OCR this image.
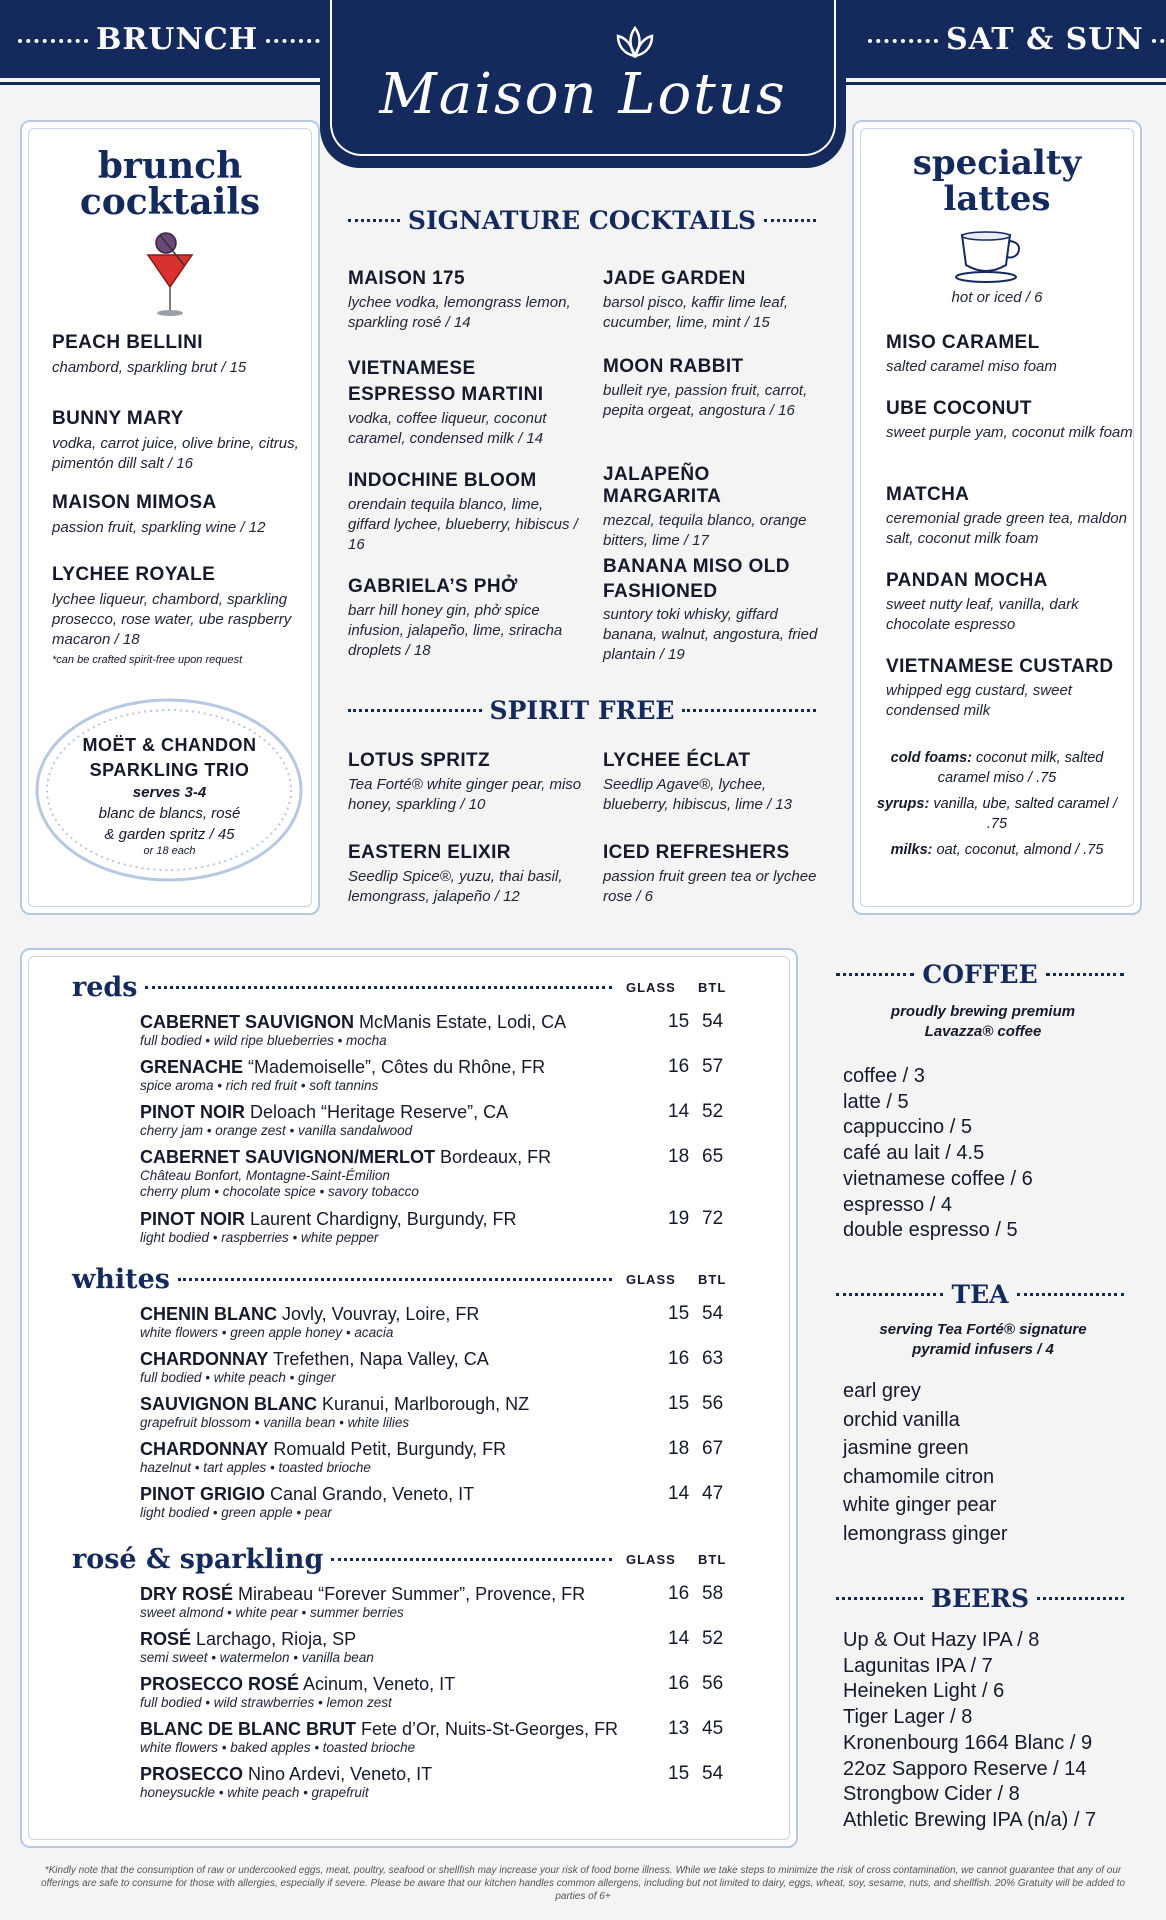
BRUNCH	SAT & SUN
Maison Lotus
brunch
cocktails
PEACH BELLINI
chambord, sparkling brut / 15
BUNNY MARY
vodka, carrot juice, olive brine, citrus, pimentón dill salt / 16
MAISON MIMOSA
passion fruit, sparkling wine / 12
LYCHEE ROYALE
lychee liqueur, chambord, sparkling prosecco, rose water, ube raspberry macaron / 18
*can be crafted spirit-free upon request
MOËT & CHANDON
SPARKLING TRIO
serves 3-4
blanc de blancs, rosé
& garden spritz / 45
or 18 each
SIGNATURE COCKTAILS
MAISON 175
lychee vodka, lemongrass lemon, sparkling rosé / 14
VIETNAMESE ESPRESSO MARTINI
vodka, coffee liqueur, coconut caramel, condensed milk / 14
INDOCHINE BLOOM
orendain tequila blanco, lime, giffard lychee, blueberry, hibiscus / 16
GABRIELA’S PHỞ
barr hill honey gin, phở spice infusion, jalapeño, lime, sriracha droplets / 18
JADE GARDEN
barsol pisco, kaffir lime leaf, cucumber, lime, mint / 15
MOON RABBIT
bulleit rye, passion fruit, carrot, pepita orgeat, angostura / 16
JALAPEÑO MARGARITA
mezcal, tequila blanco, orange bitters, lime / 17
BANANA MISO OLD FASHIONED
suntory toki whisky, giffard banana, walnut, angostura, fried plantain / 19
SPIRIT FREE
LOTUS SPRITZ
Tea Forté® white ginger pear, miso honey, sparkling / 10
EASTERN ELIXIR
Seedlip Spice®, yuzu, thai basil, lemongrass, jalapeño / 12
LYCHEE ÉCLAT
Seedlip Agave®, lychee, blueberry, hibiscus, lime / 13
ICED REFRESHERS
passion fruit green tea or lychee rose / 6
specialty
lattes
hot or iced / 6
MISO CARAMEL
salted caramel miso foam
UBE COCONUT
sweet purple yam, coconut milk foam
MATCHA
ceremonial grade green tea, maldon salt, coconut milk foam
PANDAN MOCHA
sweet nutty leaf, vanilla, dark chocolate espresso
VIETNAMESE CUSTARD
whipped egg custard, sweet condensed milk
cold foams: coconut milk, salted caramel miso / .75
syrups: vanilla, ube, salted caramel / .75
milks: oat, coconut, almond / .75
reds	GLASS BTL
CABERNET SAUVIGNON McManis Estate, Lodi, CA
full bodied • wild ripe blueberries • mocha
15 54
GRENACHE “Mademoiselle”, Côtes du Rhône, FR
spice aroma • rich red fruit • soft tannins
16 57
PINOT NOIR Deloach “Heritage Reserve”, CA
cherry jam • orange zest • vanilla sandalwood
14 52
CABERNET SAUVIGNON/MERLOT Bordeaux, FR
Château Bonfort, Montagne-Saint-Émilion
cherry plum • chocolate spice • savory tobacco
18 65
PINOT NOIR Laurent Chardigny, Burgundy, FR
light bodied • raspberries • white pepper
19 72
whites	GLASS BTL
CHENIN BLANC Jovly, Vouvray, Loire, FR
white flowers • green apple honey • acacia
15 54
CHARDONNAY Trefethen, Napa Valley, CA
full bodied • white peach • ginger
16 63
SAUVIGNON BLANC Kuranui, Marlborough, NZ
grapefruit blossom • vanilla bean • white lilies
15 56
CHARDONNAY Romuald Petit, Burgundy, FR
hazelnut • tart apples • toasted brioche
18 67
PINOT GRIGIO Canal Grando, Veneto, IT
light bodied • green apple • pear
14 47
rosé & sparkling	GLASS BTL
DRY ROSÉ Mirabeau “Forever Summer”, Provence, FR
sweet almond • white pear • summer berries
16 58
ROSÉ Larchago, Rioja, SP
semi sweet • watermelon • vanilla bean
14 52
PROSECCO ROSÉ Acinum, Veneto, IT
full bodied • wild strawberries • lemon zest
16 56
BLANC DE BLANC BRUT Fete d’Or, Nuits-St-Georges, FR
white flowers • baked apples • toasted brioche
13 45
PROSECCO Nino Ardevi, Veneto, IT
honeysuckle • white peach • grapefruit
15 54
COFFEE
proudly brewing premium
Lavazza® coffee
coffee / 3
latte / 5
cappuccino / 5
café au lait / 4.5
vietnamese coffee / 6
espresso / 4
double espresso / 5
TEA
serving Tea Forté® signature
pyramid infusers / 4
earl grey
orchid vanilla
jasmine green
chamomile citron
white ginger pear
lemongrass ginger
BEERS
Up & Out Hazy IPA / 8
Lagunitas IPA / 7
Heineken Light / 6
Tiger Lager / 8
Kronenbourg 1664 Blanc / 9
22oz Sapporo Reserve / 14
Strongbow Cider / 8
Athletic Brewing IPA (n/a) / 7
*Kindly note that the consumption of raw or undercooked eggs, meat, poultry, seafood or shellfish may increase your risk of food borne illness. While we take steps to minimize the risk of cross contamination, we cannot guarantee that any of our offerings are safe to consume for those with allergies, especially if severe. Please be aware that our kitchen handles common allergens, including but not limited to dairy, eggs, wheat, soy, sesame, nuts, and shellfish. 20% Gratuity will be added to parties of 6+
